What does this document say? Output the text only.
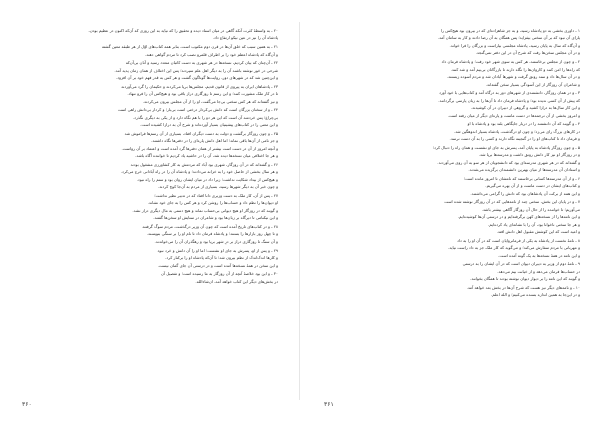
۲۰ ـ به واسطهٔ کثرت آنکه گاهی در میان اسناد دیده و تحقیق را که نیاید به این روزی که آن‌که اکنون در عظیم بودن،
پادشاه آن را نیز در عین نیکو ارتفاع داد.
۲۱ ـ به همین سبب که خلق آن‌ها در قرن دوم مکتوب است، بنابر همه کتاب‌های اوّل از هر طبقه معین گشته
و آن‌گاه که پادشاه اعظم خود را بر اطراف قلمرو نصب کرد تا مردم گواهی دهند.
۲۲ ـ آن‌چنان که بیان کردیم، نسخه‌ها در هر شهری به دست کاتبان متعدد رسید و آنان بی‌آن‌که
شرحی در خور نوشته باشند آن را به دیگر اهل علم سپردند؛ پس این اختلاف از همان زمان پدید آمد.
و این‌چنین شد که در شهرهای دور، روایت‌ها گوناگون گشت و هر کس به قدر فهم خود بر آن افزود.
۲۳ ـ پادشاهان ایران به پیروی از قانون قدیم، مجلس‌ها برپا می‌کردند و حکیمان را گرد می‌آوردند
تا در کار ملک مشورت کنند؛ و این رسم تا روزگاری دراز باقی بود و هیچ‌کس آن را فرو ننهاد.
و نیز گفته‌اند که هر کس سخنی بی‌جا می‌گفت، او را از آن مجلس بیرون می‌کردند.
۲۴ ـ و از سخنان بزرگان است که دانش بی‌کردار درختی است بی‌بار؛ و کردار بی‌دانش راهی است
بی‌چراغ؛ پس خردمند آن است که این هر دو را با هم نگاه دارد و از یکی به دیگری نگذرد.
و این معنی را در کتاب‌های پیشینیان بسیار آورده‌اند و شرح آن به درازا کشیده است.
۲۵ ـ و چون روزگار برگشت و دولت به دست دیگران افتاد، بسیاری از آن رسم‌ها فراموش شد
و جز نامی از آن‌ها باقی نماند؛ اما اهل دانش پاره‌ای را در دفترها نگاه داشتند.
و آنچه امروز از آن در دست است بیشتر از همان دفترها گرد آمده است و اعتماد بر آن رواست.
و هر جا اختلافی میان نسخه‌ها دیده شد، آن را در حاشیه یاد کردیم تا خواننده آگاه باشد.
۲۶ ـ و گفته‌اند که در آن روزگار، شهری بود آباد که مردمش به کار کشاورزی مشغول بودند
و هر سال بخشی از حاصل خود را به خزانه می‌دادند؛ و پادشاه آن را در راه آبادانی خرج می‌کرد.
و هیچ‌کس از بیداد شکایت نداشت؛ زیرا داد در میان ایشان روان بود و ستم را راه نبود.
و چون خبر آن به دیگر شهرها رسید، بسیاری از مردم به آن‌جا کوچ کردند.
۲۷ ـ پس از آن، کار ملک به دست وزیری دانا افتاد که در تدبیر نظیر نداشت؛
او دیوان‌ها را نظم داد و حساب‌ها را روشن کرد و هر کس را به جای خود نشاند.
و گویند که در روزگار او هیچ دیوانی بی‌حساب نماند و هیچ دستی به مال دیگری دراز نشد.
و این نیکنامی تا دیرگاه بر زبان‌ها بود و شاعران در ستایش او سخن‌ها گفتند.
۲۸ ـ و در کتاب‌های تاریخ آمده است که چون آن وزیر درگذشت، مردم سوگ گرفتند
و تا چهل روز بازارها را بستند؛ و پادشاه فرمان داد تا نام او را بر سنگی بنویسند.
و آن سنگ تا روزگاری دراز بر درِ شهر برپا بود و رهگذران آن را می‌خواندند.
۲۹ ـ و پس از او، پسرش به جای او نشست؛ اما او را آن دانش و خرد نبود
و کارها اندک‌اندک از نظم بیرون شد؛ تا آن‌که پادشاه او را برکنار کرد.
و این سخن در همهٔ نسخه‌ها آمده است و در درستی آن جای گمان نیست.
۳۰ ـ و این بود خلاصهٔ آنچه از آن روزگار به ما رسیده است؛ و تفصیل آن
در بخش‌های دیگر این کتاب خواهد آمد، ان‌شاءالله.
۳۶۰
۱ ـ داوری بخشی به دو پادشاه رسید، و به جز شاهزاده‌ای که در بیرون بود هیچ‌کس را
یارای آن نبود که بر آن سخنی بیفزاید؛ پس همگان به آن رضا دادند و کار به سامان آمد.
و آن‌گاه که سال به پایان رسید، پادشاه مجلسی بیاراست و بزرگان را فرا خواند.
و در آن مجلس سخن‌ها رفت که شرح آن در این دفتر نمی‌گنجد.
۲ ـ و چون از مجلس برخاستند، هر کس به سوی شهر خود رفت؛ و پادشاه فرمان داد
که راه‌ها را امن کنند و کاروان‌ها را نگاه دارند تا بازرگانان بی‌بیم آمد و شد کنند.
و در آن سال‌ها داد و ستد رونق گرفت و شهرها آبادان شد و مردم آسوده زیستند.
و شاعران آن روزگار از این آسودگی بسیار سخن گفته‌اند.
۳ ـ و در همان روزگار، دانشمندی از شهرهای دور به درگاه آمد و کتاب‌هایی با خود آورد
که پیش از آن کسی ندیده بود؛ و پادشاه فرمان داد تا آن‌ها را به زبان پارسی برگردانند.
و این کار سال‌ها به درازا کشید و گروهی از دبیران در آن کوشیدند.
و امروز بخشی از آن ترجمه‌ها در دست ماست و پاره‌ای دیگر از میان رفته است.
۴ ـ و گویند که آن دانشمند را در دربار جایگاهی بلند بود و پادشاه با او
در کارهای بزرگ رای می‌زد؛ و چون او درگذشت، پادشاه بسیار اندوهگین شد.
و فرمان داد تا کتاب‌های او را در گنجینه نگاه دارند و کسی را به آن دست نرسد.
۵ ـ و چون روزگار پادشاه به پایان آمد، پسرش به جای او نشست و همان راه را دنبال کرد؛
و در روزگار او نیز کار دانش رونق داشت و مدرسه‌ها برپا شد.
و گفته‌اند که در هر شهری مدرسه‌ای بود که دانشجویان از هر سو به آن روی می‌آوردند.
و استادان آن مدرسه‌ها از میان بهترین دانشمندان برگزیده می‌شدند.
۶ ـ و از آن مدرسه‌ها کسانی برخاستند که نامشان تا امروز مانده است؛
و کتاب‌های ایشان در دست ماست و از آن بهره می‌گیریم.
و این همه از برکت آن پادشاهان بود که دانش را گرامی می‌داشتند.
۷ ـ و در پایان این بخش، سخنی چند از نامه‌هایی که در آن روزگار نوشته شده است
می‌آوریم؛ تا خواننده را از حال آن روزگار آگاهی بیشتر باشد.
و این نامه‌ها را از نسخه‌های کهن برگرفته‌ایم و در درستی آن‌ها کوشیده‌ایم.
و هر جا سخنی ناخوانا بود، آن را با نشانه‌ای یاد کرده‌ایم.
و امید است که این کوشش مقبول اهل دانش افتد.
۸ ـ نامهٔ نخست از پادشاه به یکی از فرمانروایان است که در آن او را به داد
و مهربانی با مردم سفارش می‌کند؛ و می‌گوید که کار ملک جز به داد راست نیاید.
و این نامه در همهٔ نسخه‌ها به یک گونه آمده است.
۹ ـ نامهٔ دوم از وزیر به دبیران دیوان است که در آن ایشان را به درستی
در حساب‌ها فرمان می‌دهد و از خیانت بیم می‌دهد.
و گویند که این نامه را بر دیوار دیوان نوشته بودند تا همگان بخوانند.
۱۰ ـ و نامه‌های دیگر نیز هست که شرح آن‌ها در بخش بعد خواهد آمد.
و در این‌جا به همین اندازه بسنده می‌کنیم؛ و الله اعلم.
۳۶۱
